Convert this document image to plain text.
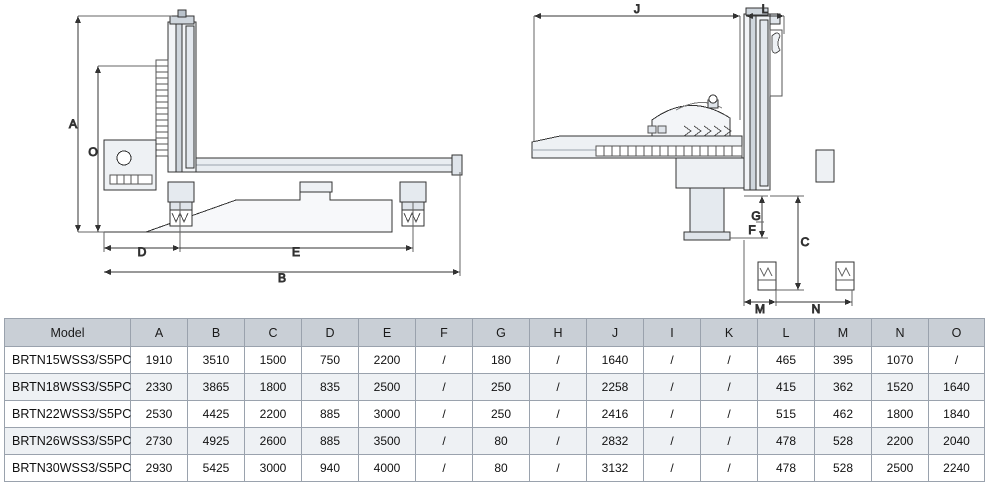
A
O
D	E
B
J	L
G
F
C
M	N
Model	A	B	C	D	E	F	G	H	J	I	K	L	M	N	O
BRTN15WSS3/S5PC	1910	3510	1500	750	2200	/	180	/	1640	/	/	465	395	1070	/
BRTN18WSS3/S5PC	2330	3865	1800	835	2500	/	250	/	2258	/	/	415	362	1520	1640
BRTN22WSS3/S5PC	2530	4425	2200	885	3000	/	250	/	2416	/	/	515	462	1800	1840
BRTN26WSS3/S5PC	2730	4925	2600	885	3500	/	80	/	2832	/	/	478	528	2200	2040
BRTN30WSS3/S5PC	2930	5425	3000	940	4000	/	80	/	3132	/	/	478	528	2500	2240
